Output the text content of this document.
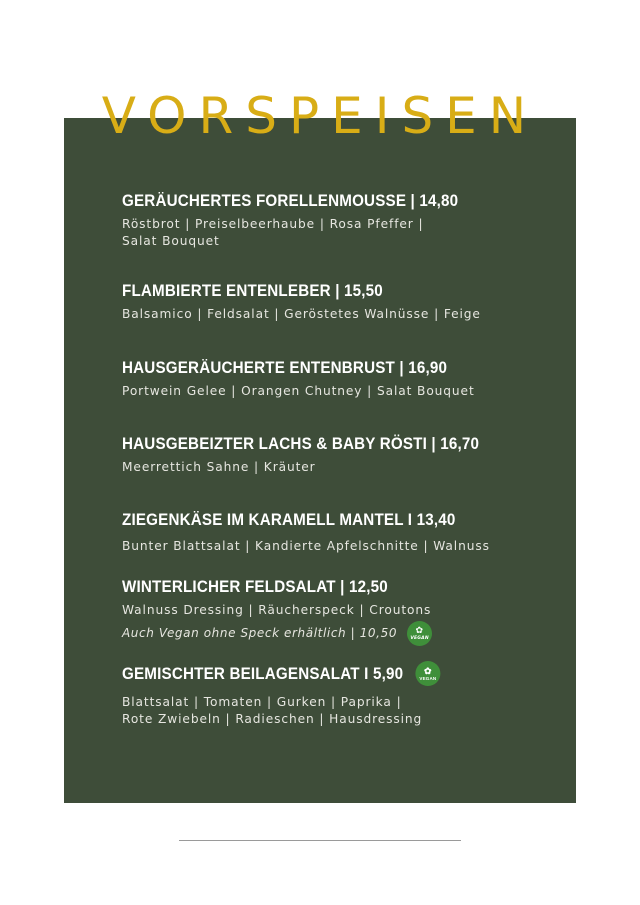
VORSPEISEN
GERÄUCHERTES FORELLENMOUSSE | 14,80
Röstbrot | Preiselbeerhaube | Rosa Pfeffer |
Salat Bouquet
FLAMBIERTE ENTENLEBER | 15,50
Balsamico | Feldsalat | Geröstetes Walnüsse | Feige
HAUSGERÄUCHERTE ENTENBRUST | 16,90
Portwein Gelee | Orangen Chutney | Salat Bouquet
HAUSGEBEIZTER LACHS & BABY RÖSTI | 16,70
Meerrettich Sahne | Kräuter
ZIEGENKÄSE IM KARAMELL MANTEL I 13,40
Bunter Blattsalat | Kandierte Apfelschnitte | Walnuss
WINTERLICHER FELDSALAT | 12,50
Walnuss Dressing | Räucherspeck | Croutons
Auch Vegan ohne Speck erhältlich | 10,50 ✿
VEGAN
GEMISCHTER BEILAGENSALAT I 5,90 ✿
VEGAN
Blattsalat | Tomaten | Gurken | Paprika |
Rote Zwiebeln | Radieschen | Hausdressing
